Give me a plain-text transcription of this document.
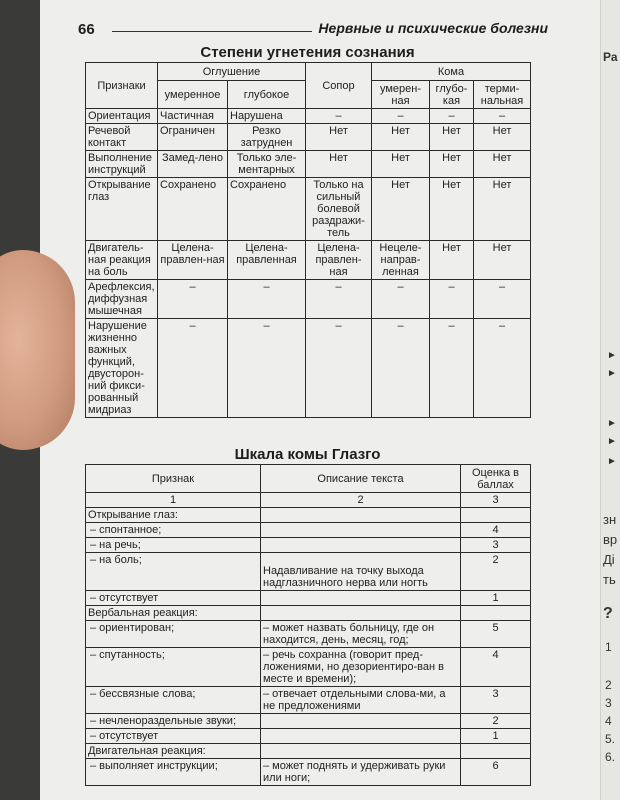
Ра
зн
вр
Ді
ть
?
1
2
3
4
5.
6.
►
►
►
►
►
66	Нервные и психические болезни
Степени угнетения сознания
Признаки	Оглушение		Сопор	Кома		
	умеренное	глубокое		умерен-ная	глубо-кая	терми-нальная
Ориентация	Частичная	Нарушена	–	–	–	–
Речевой контакт	Ограничен	Резко затруднен	Нет	Нет	Нет	Нет
Выполнение инструкций	Замед-лено	Только эле-ментарных	Нет	Нет	Нет	Нет
Открывание глаз	Сохранено	Сохранено	Только на сильный болевой раздражи-тель	Нет	Нет	Нет
Двигатель-ная реакция на боль	Целена-правлен-ная	Целена-правленная	Целена-правлен-ная	Нецеле-направ-ленная	Нет	Нет
Арефлексия, диффузная мышечная	–	–	–	–	–	–
Нарушение жизненно важных функций, двусторон-ний фикси-рованный мидриаз	–	–	–	–	–	–
Шкала комы Глазго
Признак	Описание текста	Оценка в баллах
1	2	3
Открывание глаз:		
– спонтанное;		4
– на речь;		3
– на боль;	Надавливание на точку выхода надглазничного нерва или ногть	2
– отсутствует		1
Вербальная реакция:		
– ориентирован;	– может назвать больницу, где он находится, день, месяц, год;	5
– спутанность;	– речь сохранна (говорит пред-ложениями, но дезориентиро-ван в месте и времени);	4
– бессвязные слова;	– отвечает отдельными слова-ми, а не предложениями	3
– нечленораздельные звуки;		2
– отсутствует		1
Двигательная реакция:		
– выполняет инструкции;	– может поднять и удерживать руки или ноги;	6
